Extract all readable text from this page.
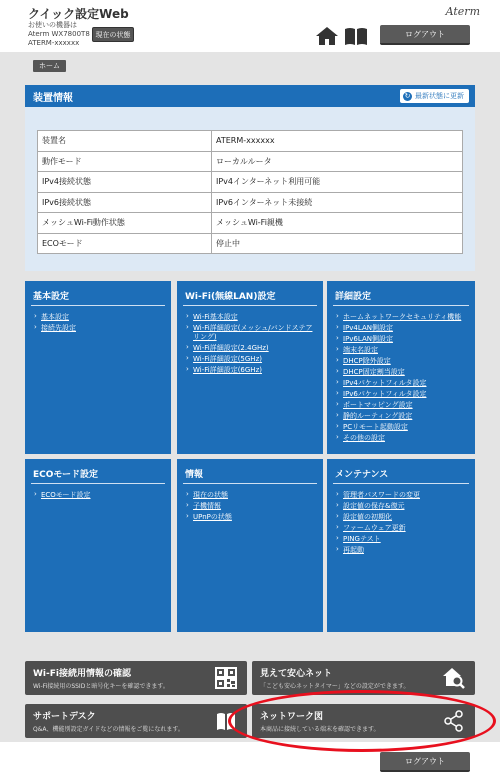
クイック設定Web
お使いの機器は
Aterm WX7800T8
ATERM-xxxxxx
現在の状態
Aterm
ログアウト
ホーム
装置情報	↻ 最新状態に更新
装置名	ATERM-xxxxxx
動作モード	ローカルルータ
IPv4接続状態	IPv4インターネット利用可能
IPv6接続状態	IPv6インターネット未接続
メッシュWi-Fi動作状態	メッシュWi-Fi親機
ECOモード	停止中
基本設定
› 基本設定
› 接続先設定
Wi-Fi(無線LAN)設定
› Wi-Fi基本設定
› Wi-Fi詳細設定(メッシュ/バンドステアリング)
› Wi-Fi詳細設定(2.4GHz)
› Wi-Fi詳細設定(5GHz)
› Wi-Fi詳細設定(6GHz)
詳細設定
› ホームネットワークセキュリティ機能
› IPv4LAN側設定
› IPv6LAN側設定
› 端末名設定
› DHCP除外設定
› DHCP固定割当設定
› IPv4パケットフィルタ設定
› IPv6パケットフィルタ設定
› ポートマッピング設定
› 静的ルーティング設定
› PCリモート起動設定
› その他の設定
ECOモード設定
› ECOモード設定
情報
› 現在の状態
› 子機情報
› UPnPの状態
メンテナンス
› 管理者パスワードの変更
› 設定値の保存&復元
› 設定値の初期化
› ファームウェア更新
› PINGテスト
› 再起動
Wi-Fi接続用情報の確認
Wi-Fi接続用のSSIDと暗号化キーを確認できます。
見えて安心ネット
「こども安心ネットタイマー」などの設定ができます。
サポートデスク
Q&A、機能別設定ガイドなどの情報をご覧になれます。
ネットワーク図
本商品に接続している端末を確認できます。
ログアウト
